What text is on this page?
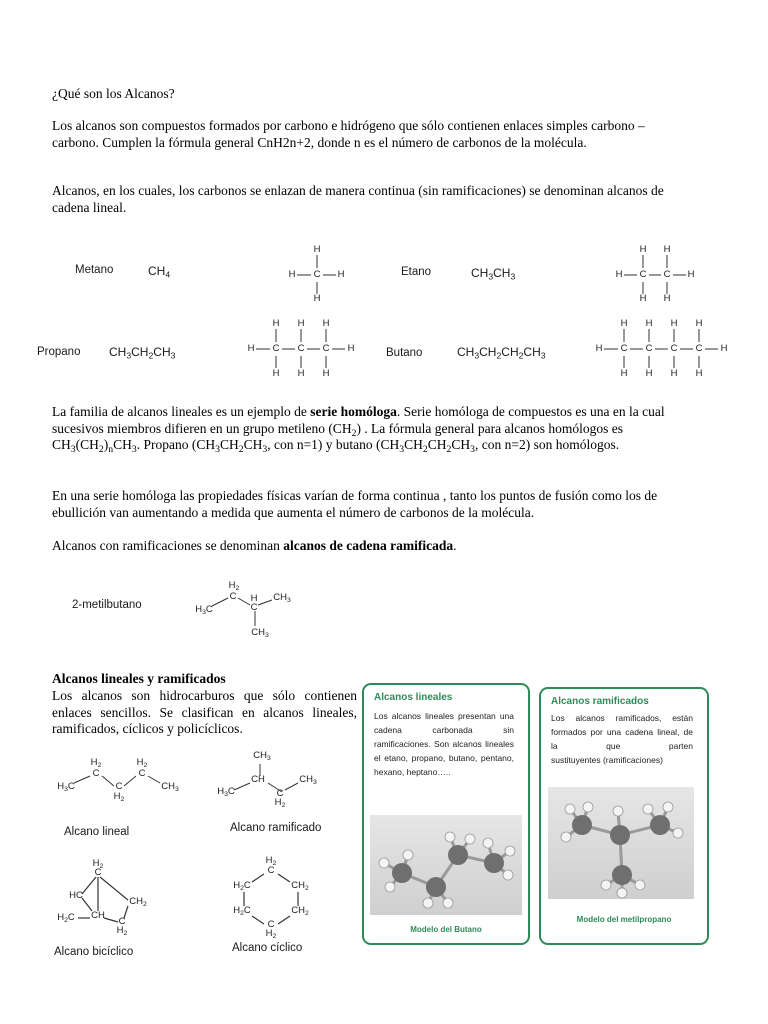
¿Qué son los Alcanos?

Los alcanos son compuestos formados por carbono e hidrógeno que sólo contienen enlaces simples carbono – carbono. Cumplen la fórmula general CnH2n+2, donde n es el número de carbonos de la molécula.

Alcanos, en los cuales, los carbonos se enlazan de manera continua (sin ramificaciones) se denominan alcanos de cadena lineal.

Metano	$CH_4$
H
H C H
H
Etano	$CH_3CH_3$
H H
H C C H
H H
Propano $CH_3CH_2CH_3$
H H H
H C C C H
H H H
Butano	$CH_3CH_2CH_2CH_3$
H H H H
H C C C C H
H H H H

La familia de alcanos lineales es un ejemplo de serie homóloga. Serie homóloga de compuestos es una en la cual sucesivos miembros difieren en un grupo metileno $(CH_2)$ . La fórmula general para alcanos homólogos es $CH_3(CH_2)_nCH_3$. Propano ($CH_3CH_2CH_3$, con n=1) y butano ($CH_3CH_2CH_2CH_3$, con n=2) son homólogos.

En una serie homóloga las propiedades físicas varían de forma continua , tanto los puntos de fusión como los de ebullición van aumentando a medida que aumenta el número de carbonos de la molécula.

Alcanos con ramificaciones se denominan alcanos de cadena ramificada.

2-metilbutano
$H_2$
C
$H_3C$
H
C
$CH_3$
$CH_3$
Alcanos lineales y ramificados

Los alcanos son hidrocarburos que sólo contienen enlaces sencillos. Se clasifican en alcanos lineales, ramificados, cíclicos y policíclicos.

$H_2$
C
$H_3C$	C
$H_2$
$H_2$
C
$CH_3$
Alcano lineal
$CH_3$
CH
$H_3C$	C
$H_2$
$CH_3$
Alcano ramificado
$H_2$
C
HC
$CH_2$
$H_2C$ CH
C
$H_2$
Alcano bicíclico
$H_2$
C
$H_2C$	$CH_2$
$H_2C$	$CH_2$
C
$H_2$
Alcano cíclico
Alcanos lineales

Los alcanos lineales presentan una cadena carbonada sin ramificaciones. Son alcanos lineales el etano, propano, butano, pentano,
hexano, heptano…..

Modelo del Butano
Alcanos ramificados

Los alcanos ramificados, están formados por una cadena lineal, de la que parten
sustituyentes (ramificaciones)

Modelo del metilpropano
